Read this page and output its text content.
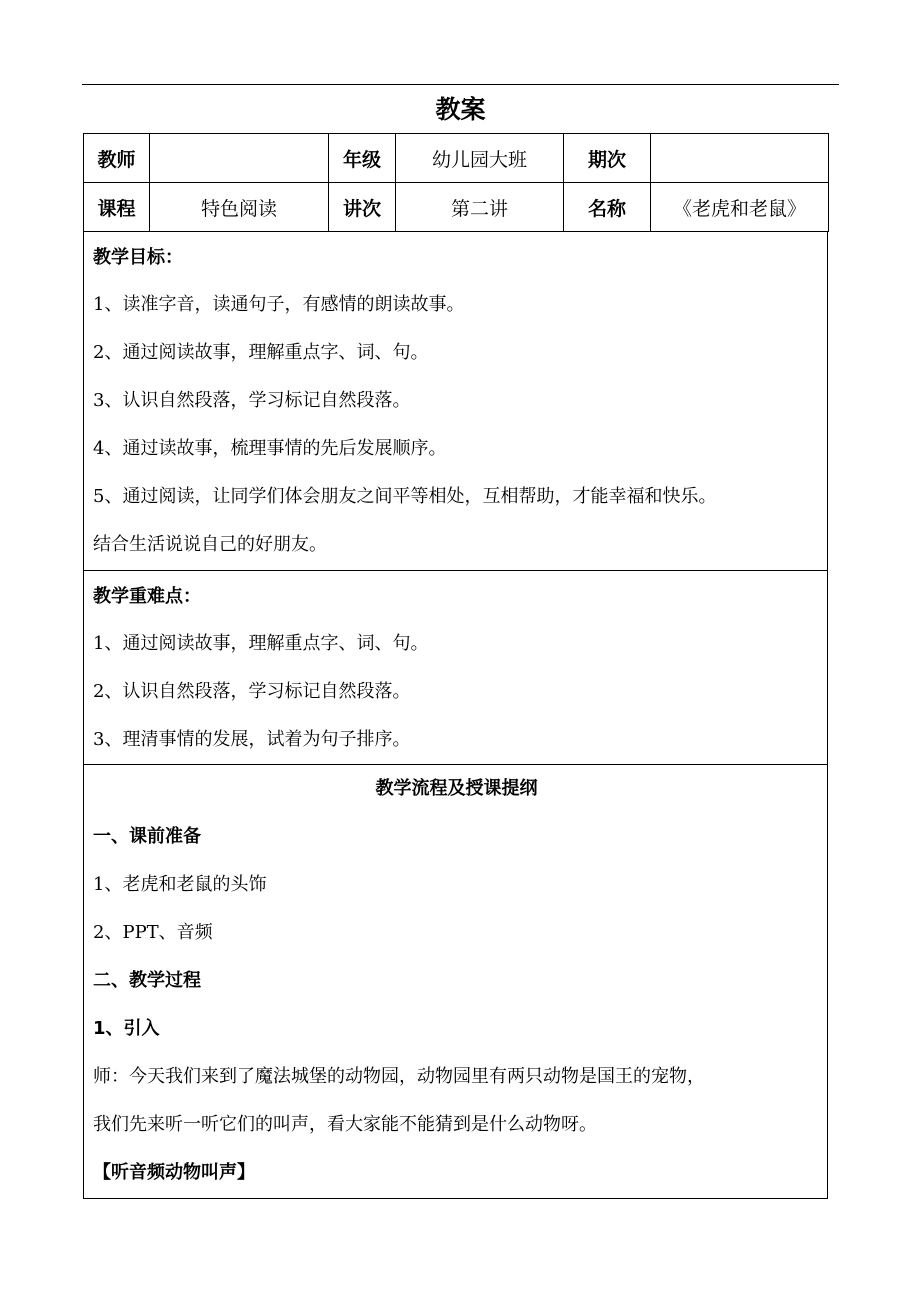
教案
教师		年级	幼儿园大班	期次	
课程	特色阅读	讲次	第二讲	名称	《老虎和老鼠》
教学目标：
1、读准字音，读通句子，有感情的朗读故事。
2、通过阅读故事，理解重点字、词、句。
3、认识自然段落，学习标记自然段落。
4、通过读故事，梳理事情的先后发展顺序。
5、通过阅读，让同学们体会朋友之间平等相处，互相帮助，才能幸福和快乐。
结合生活说说自己的好朋友。
教学重难点：
1、通过阅读故事，理解重点字、词、句。
2、认识自然段落，学习标记自然段落。
3、理清事情的发展，试着为句子排序。
教学流程及授课提纲
一、课前准备
1、老虎和老鼠的头饰
2、PPT、音频
二、教学过程
1、引入
师：今天我们来到了魔法城堡的动物园，动物园里有两只动物是国王的宠物，
我们先来听一听它们的叫声，看大家能不能猜到是什么动物呀。
【听音频动物叫声】
